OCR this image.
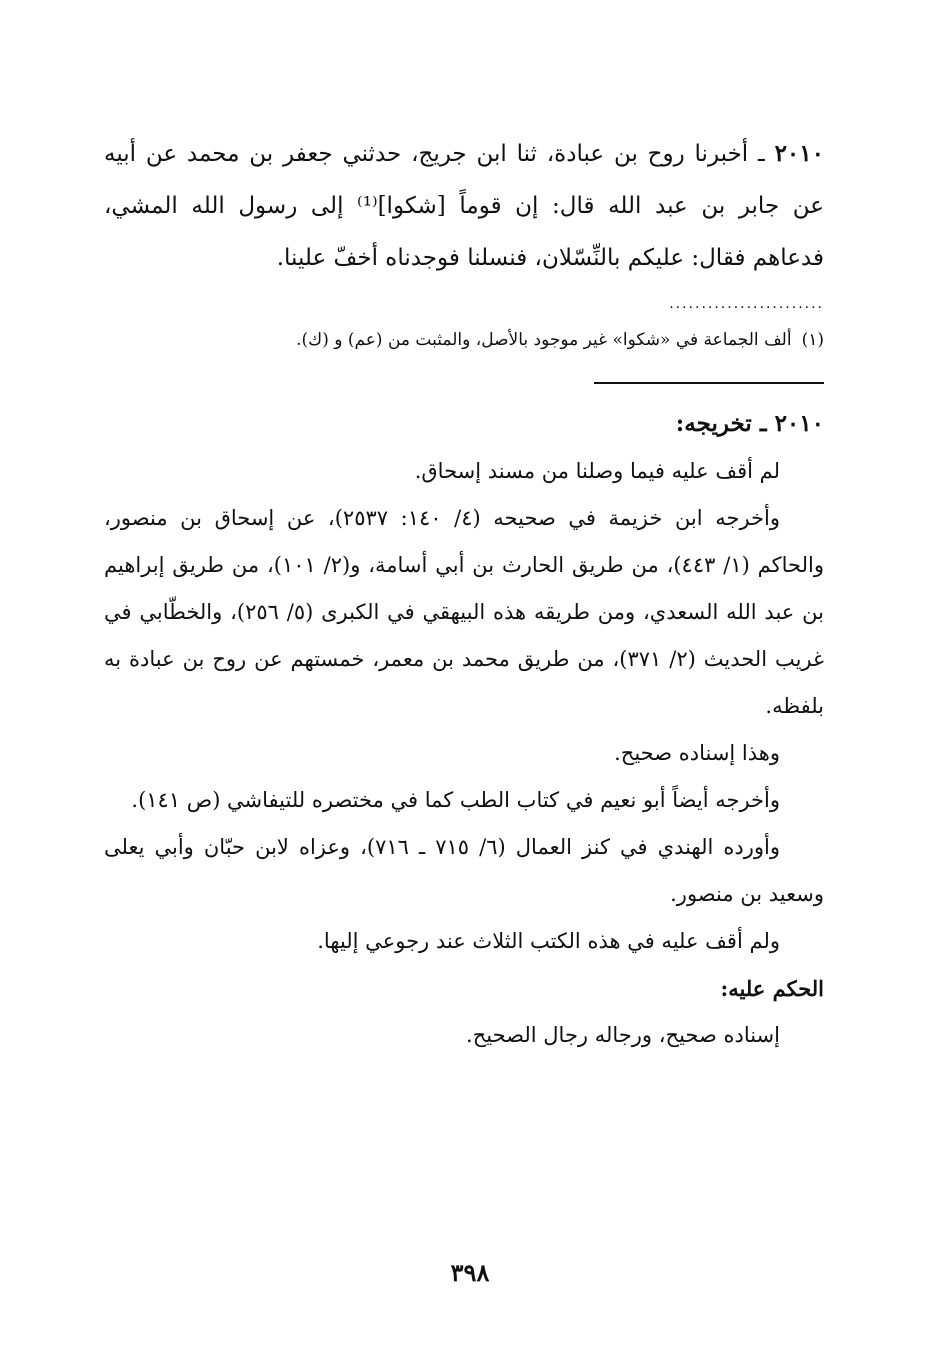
٢٠١٠ ـ أخبرنا روح بن عبادة، ثنا ابن جريج، حدثني جعفر بن محمد عن أبيه عن جابر بن عبد الله قال: إن قوماً [شكوا]⁽¹⁾ إلى رسول الله المشي، فدعاهم فقال: عليكم بالنِّسّلان، فنسلنا فوجدناه أخفّ علينا.

........................

(١)ألف الجماعة في «شكوا» غير موجود بالأصل، والمثبت من (عم) و (ك).

٢٠١٠ ـ تخريجه:

لم أقف عليه فيما وصلنا من مسند إسحاق.

وأخرجه ابن خزيمة في صحيحه (٤/ ١٤٠: ٢٥٣٧)، عن إسحاق بن منصور، والحاكم (١/ ٤٤٣)، من طريق الحارث بن أبي أسامة، و(٢/ ١٠١)، من طريق إبراهيم بن عبد الله السعدي، ومن طريقه هذه البيهقي في الكبرى (٥/ ٢٥٦)، والخطّابي في غريب الحديث (٢/ ٣٧١)، من طريق محمد بن معمر، خمستهم عن روح بن عبادة به بلفظه.

وهذا إسناده صحيح.

وأخرجه أيضاً أبو نعيم في كتاب الطب كما في مختصره للتيفاشي (ص ١٤١).

وأورده الهندي في كنز العمال (٦/ ٧١٥ ـ ٧١٦)، وعزاه لابن حبّان وأبي يعلى وسعيد بن منصور.

ولم أقف عليه في هذه الكتب الثلاث عند رجوعي إليها.

الحكم عليه:

إسناده صحيح، ورجاله رجال الصحيح.

٣٩٨
